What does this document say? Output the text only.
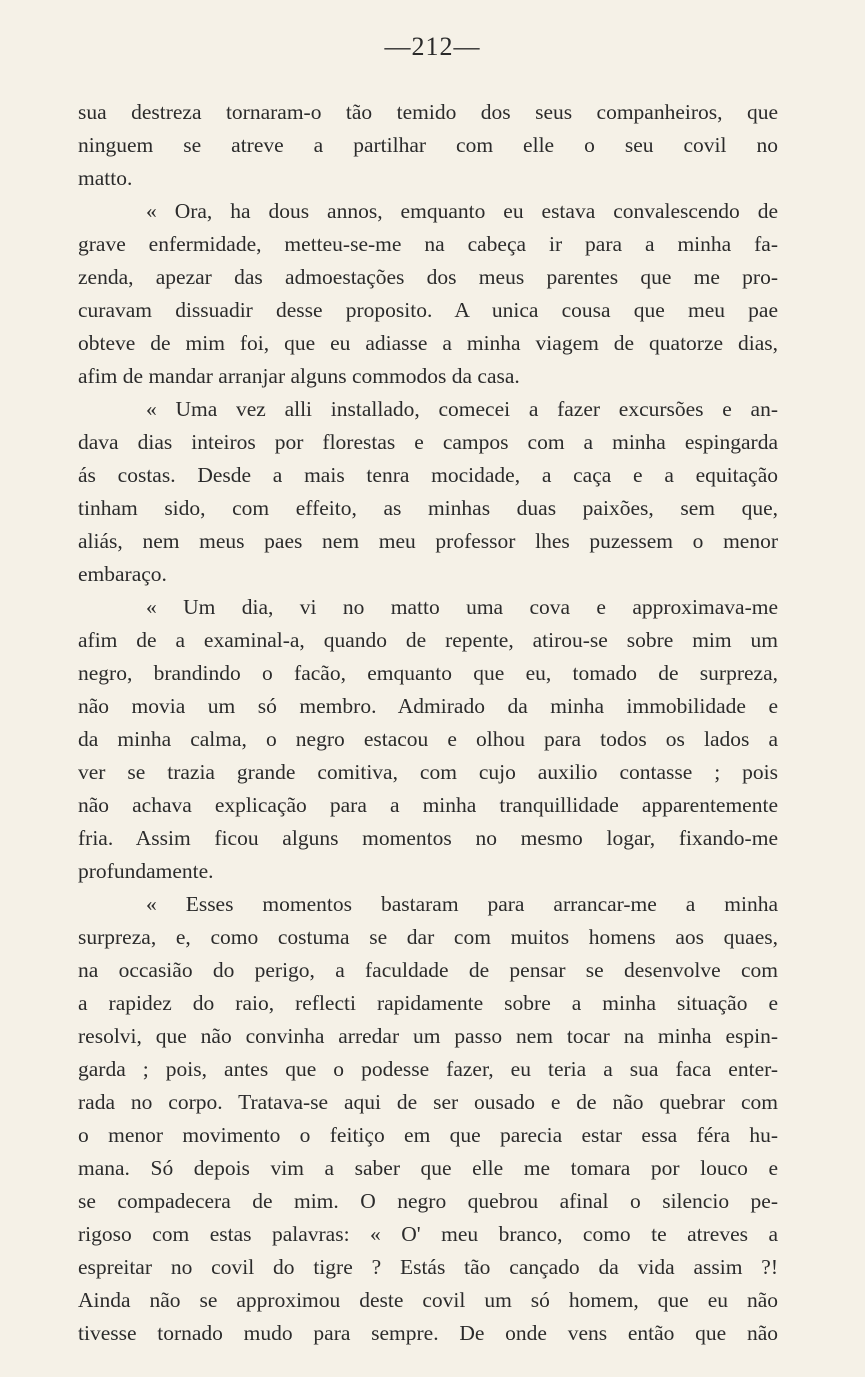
—212—
sua destreza tornaram-o tão temido dos seus companheiros, que
ninguem se atreve a partilhar com elle o seu covil no
matto.
« Ora, ha dous annos, emquanto eu estava convalescendo de
grave enfermidade, metteu-se-me na cabeça ir para a minha fa-
zenda, apezar das admoestações dos meus parentes que me pro-
curavam dissuadir desse proposito. A unica cousa que meu pae
obteve de mim foi, que eu adiasse a minha viagem de quatorze dias,
afim de mandar arranjar alguns commodos da casa.
« Uma vez alli installado, comecei a fazer excursões e an-
dava dias inteiros por florestas e campos com a minha espingarda
ás costas. Desde a mais tenra mocidade, a caça e a equitação
tinham sido, com effeito, as minhas duas paixões, sem que,
aliás, nem meus paes nem meu professor lhes puzessem o menor
embaraço.
« Um dia, vi no matto uma cova e approximava-me
afim de a examinal-a, quando de repente, atirou-se sobre mim um
negro, brandindo o facão, emquanto que eu, tomado de surpreza,
não movia um só membro. Admirado da minha immobilidade e
da minha calma, o negro estacou e olhou para todos os lados a
ver se trazia grande comitiva, com cujo auxilio contasse ; pois
não achava explicação para a minha tranquillidade apparentemente
fria. Assim ficou alguns momentos no mesmo logar, fixando-me
profundamente.
« Esses momentos bastaram para arrancar-me a minha
surpreza, e, como costuma se dar com muitos homens aos quaes,
na occasião do perigo, a faculdade de pensar se desenvolve com
a rapidez do raio, reflecti rapidamente sobre a minha situação e
resolvi, que não convinha arredar um passo nem tocar na minha espin-
garda ; pois, antes que o podesse fazer, eu teria a sua faca enter-
rada no corpo. Tratava-se aqui de ser ousado e de não quebrar com
o menor movimento o feitiço em que parecia estar essa féra hu-
mana. Só depois vim a saber que elle me tomara por louco e
se compadecera de mim. O negro quebrou afinal o silencio pe-
rigoso com estas palavras: « O' meu branco, como te atreves a
espreitar no covil do tigre ? Estás tão cançado da vida assim ?!
Ainda não se approximou deste covil um só homem, que eu não
tivesse tornado mudo para sempre. De onde vens então que não
